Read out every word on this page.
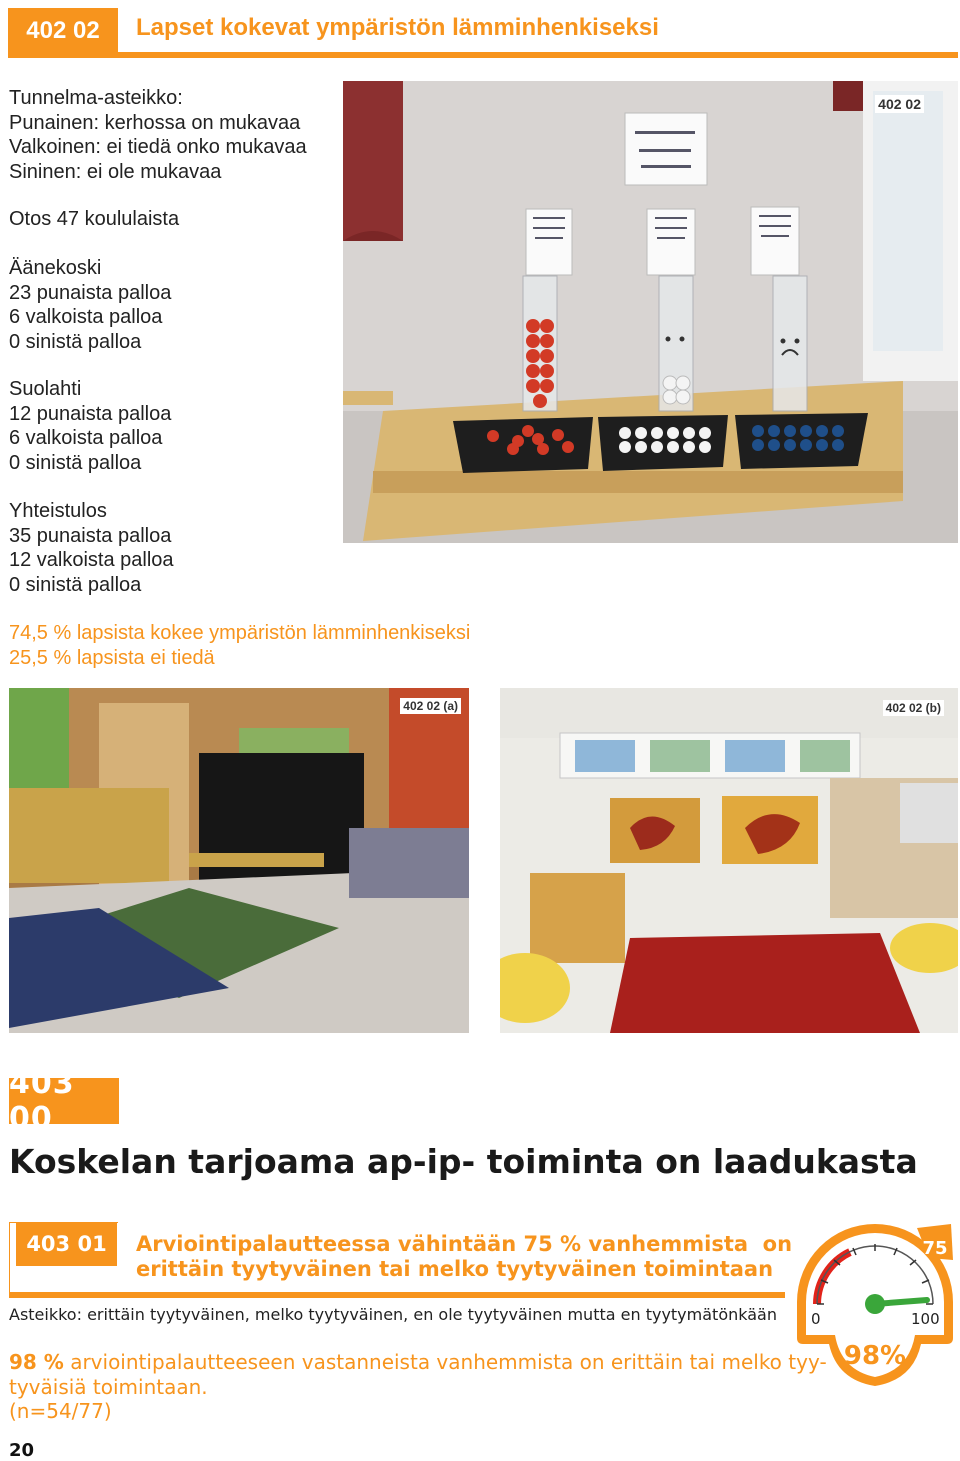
402 02	Lapset kokevat ympäristön lämminhenkiseksi
Tunnelma-asteikko:
Punainen: kerhossa on mukavaa
Valkoinen: ei tiedä onko mukavaa
Sininen: ei ole mukavaa
Otos 47 koululaista
Äänekoski
23 punaista palloa
6 valkoista palloa
0 sinistä palloa
Suolahti
12 punaista palloa
6 valkoista palloa
0 sinistä palloa
Yhteistulos
35 punaista palloa
12 valkoista palloa
0 sinistä palloa
74,5 % lapsista kokee ympäristön lämminhenkiseksi
25,5 % lapsista ei tiedä
402 02
402 02 (a)	402 02 (b)
403 00
Koskelan tarjoama ap-ip- toiminta on laadukasta
403 01	Arviointipalautteessa vähintään 75 % vanhemmista  on
erittäin tyytyväinen tai melko tyytyväinen toimintaan
Asteikko: erittäin tyytyväinen, melko tyytyväinen, en ole tyytyväinen mutta en tyytymätönkään
98 % arviointipalautteeseen vastanneista vanhemmista on erittäin tai melko tyy-
tyväisiä toimintaan.
(n=54/77)
20
75
0	100
98%
